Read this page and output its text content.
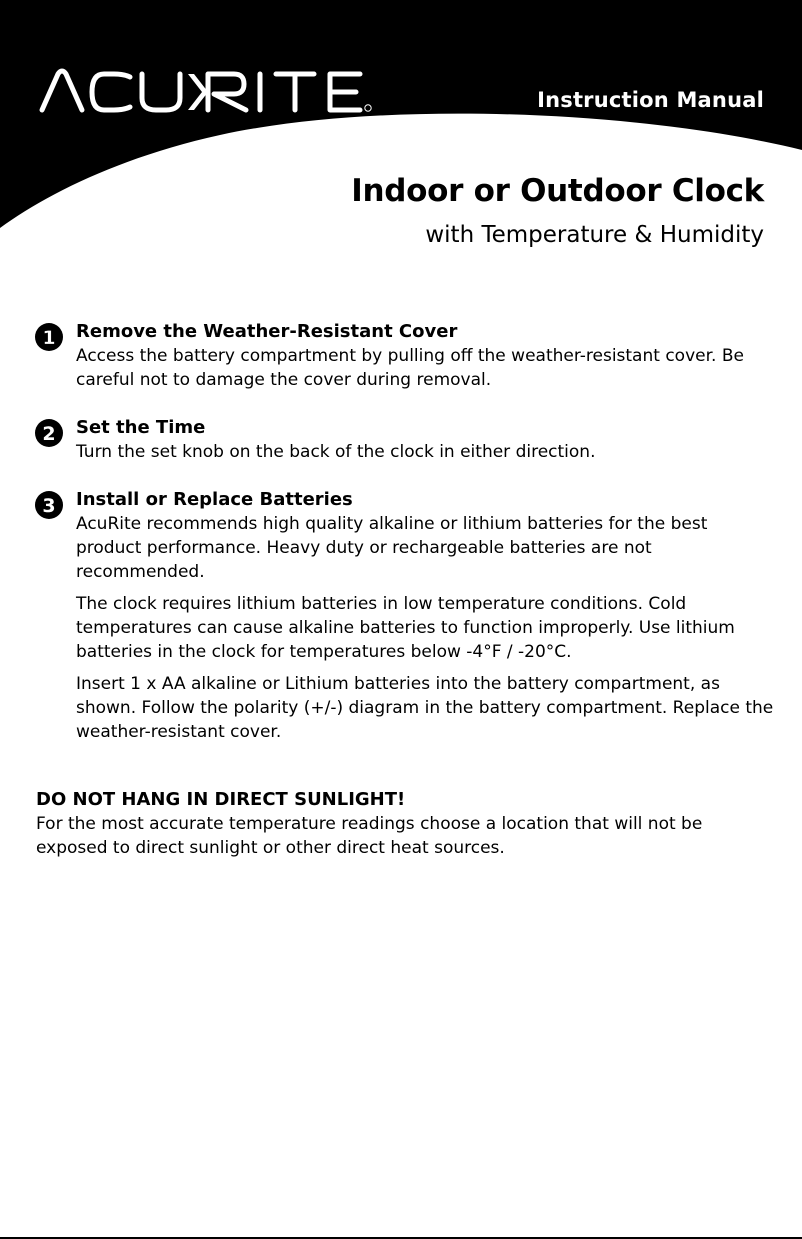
Instruction Manual
Indoor or Outdoor Clock
with Temperature & Humidity
1 Remove the Weather-Resistant Cover

Access the battery compartment by pulling off the weather-resistant cover. Be careful not to damage the cover during removal.

2 Set the Time

Turn the set knob on the back of the clock in either direction.

3 Install or Replace Batteries

AcuRite recommends high quality alkaline or lithium batteries for the best product performance. Heavy duty or rechargeable batteries are not recommended.

The clock requires lithium batteries in low temperature conditions. Cold temperatures can cause alkaline batteries to function improperly. Use lithium batteries in the clock for temperatures below -4°F / -20°C.

Insert 1 x AA alkaline or Lithium batteries into the battery compartment, as shown. Follow the polarity (+/-) diagram in the battery compartment. Replace the weather-resistant cover.

DO NOT HANG IN DIRECT SUNLIGHT!

For the most accurate temperature readings choose a location that will not be exposed to direct sunlight or other direct heat sources.
